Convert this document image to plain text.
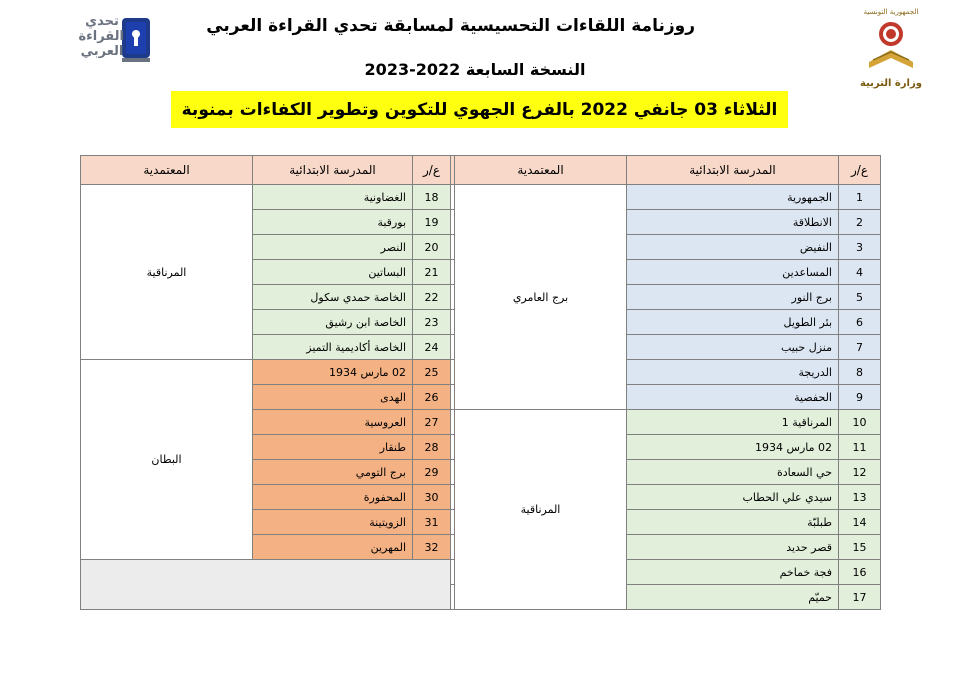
تحدي
القراءة
العربي
الجمهورية التونسية
وزارة التربية
روزنامة اللقاءات التحسيسية لمسابقة تحدي القراءة العربي
النسخة السابعة 2022-2023
الثلاثاء 03 جانفي 2022 بالفرع الجهوي للتكوين وتطوير الكفاءات بمنوبة
ع/ر	المدرسة الابتدائية	المعتمدية		ع/ر	المدرسة الابتدائية	المعتمدية
1	الجمهورية	برج العامري		18	الغضاونية	المرناقية
2	الانطلاقة			19	بورقبة	
3	النفيض			20	النصر	
4	المساعدين			21	البساتين	
5	برج النور			22	الخاصة حمدي سكول	
6	بئر الطويل			23	الخاصة ابن رشيق	
7	منزل حبيب			24	الخاصة أكاديمية التميز	
8	الدريجة			25	02 مارس 1934	البطان
9	الحفصية			26	الهدى	
10	المرناقية 1	المرناقية		27	العروسية	
11	02 مارس 1934			28	طنقار	
12	حي السعادة			29	برج التومي	
13	سيدي علي الحطاب			30	المحفورة	
14	طبلبّة			31	الزويتينة	
15	قصر حديد			32	المهرين	
16	فجة خماخم					
17	حميّم					
